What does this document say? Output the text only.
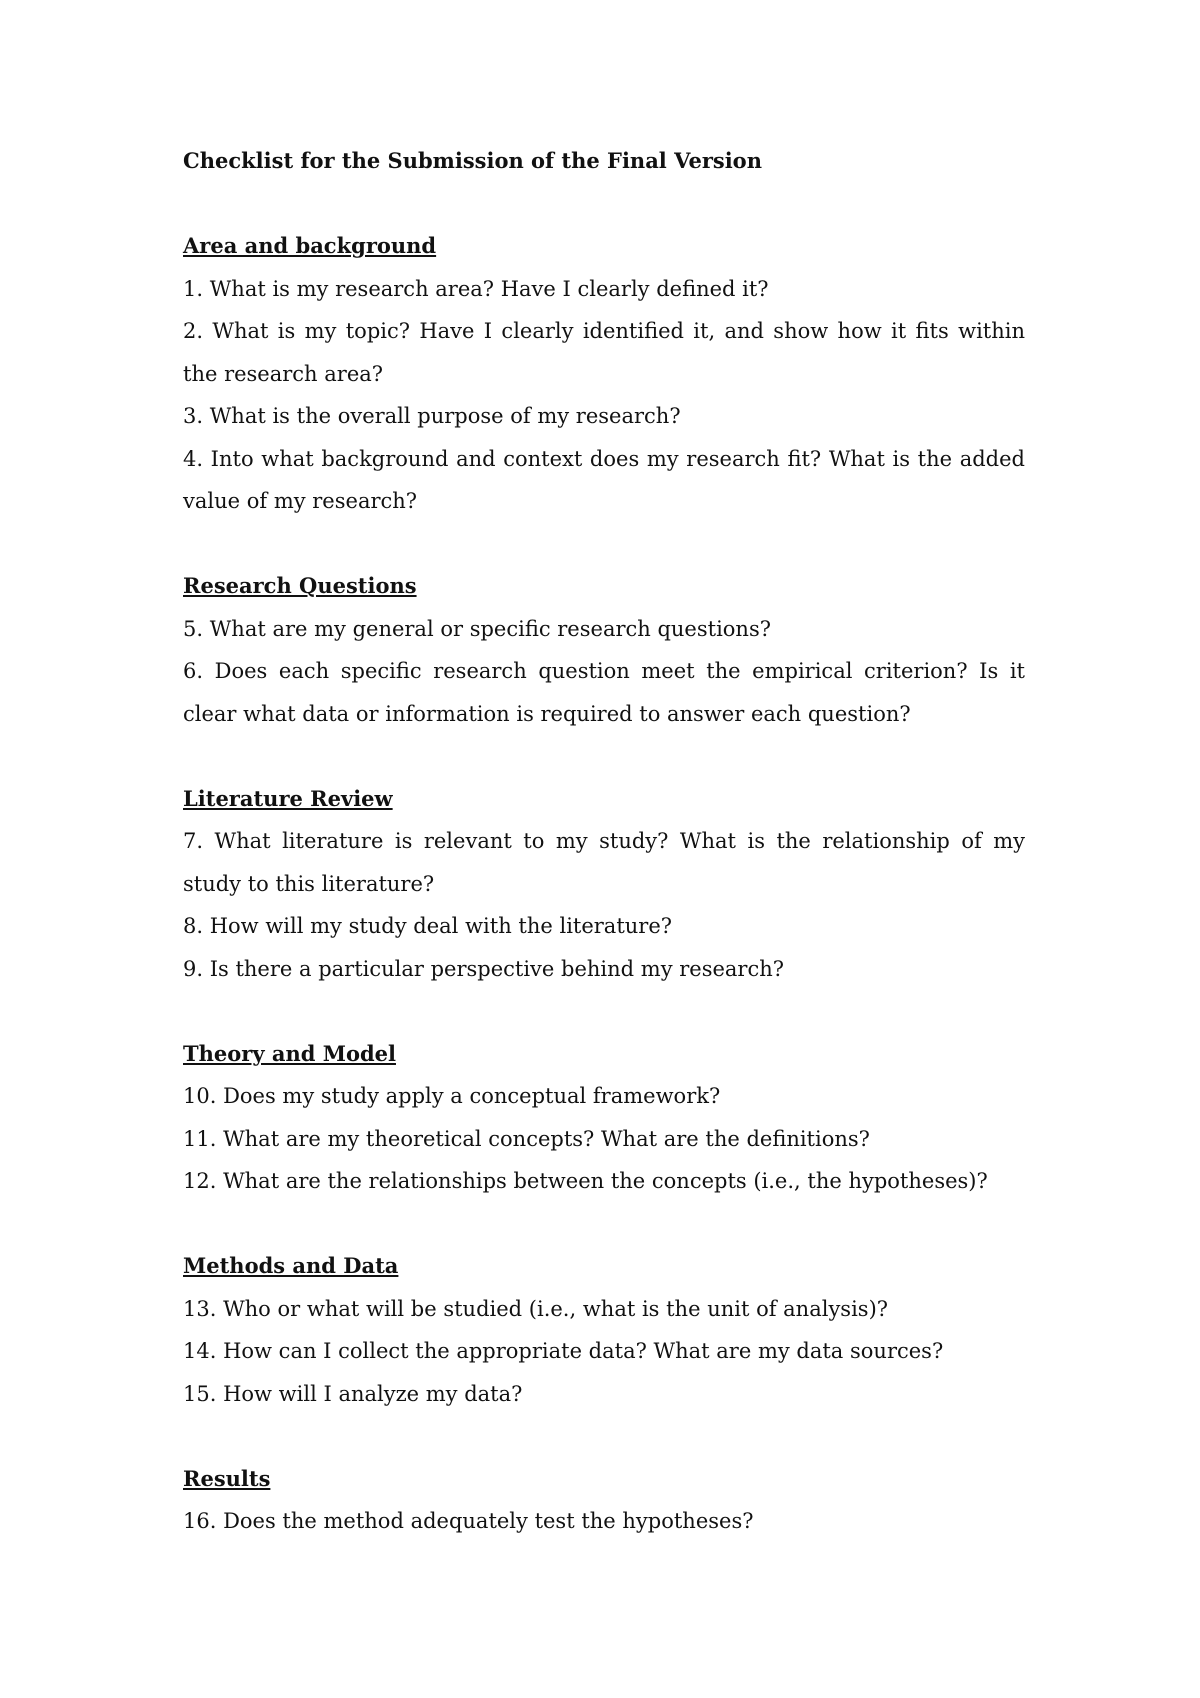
Checklist for the Submission of the Final Version

Area and background

1. What is my research area? Have I clearly defined it?

2. What is my topic? Have I clearly identified it, and show how it fits within the research area?

3. What is the overall purpose of my research?

4. Into what background and context does my research fit? What is the added value of my research?

Research Questions

5. What are my general or specific research questions?

6. Does each specific research question meet the empirical criterion? Is it clear what data or information is required to answer each question?

Literature Review

7. What literature is relevant to my study? What is the relationship of my study to this literature?

8. How will my study deal with the literature?

9. Is there a particular perspective behind my research?

Theory and Model

10. Does my study apply a conceptual framework?

11. What are my theoretical concepts? What are the definitions?

12. What are the relationships between the concepts (i.e., the hypotheses)?

Methods and Data

13. Who or what will be studied (i.e., what is the unit of analysis)?

14. How can I collect the appropriate data? What are my data sources?

15. How will I analyze my data?

Results

16. Does the method adequately test the hypotheses?
